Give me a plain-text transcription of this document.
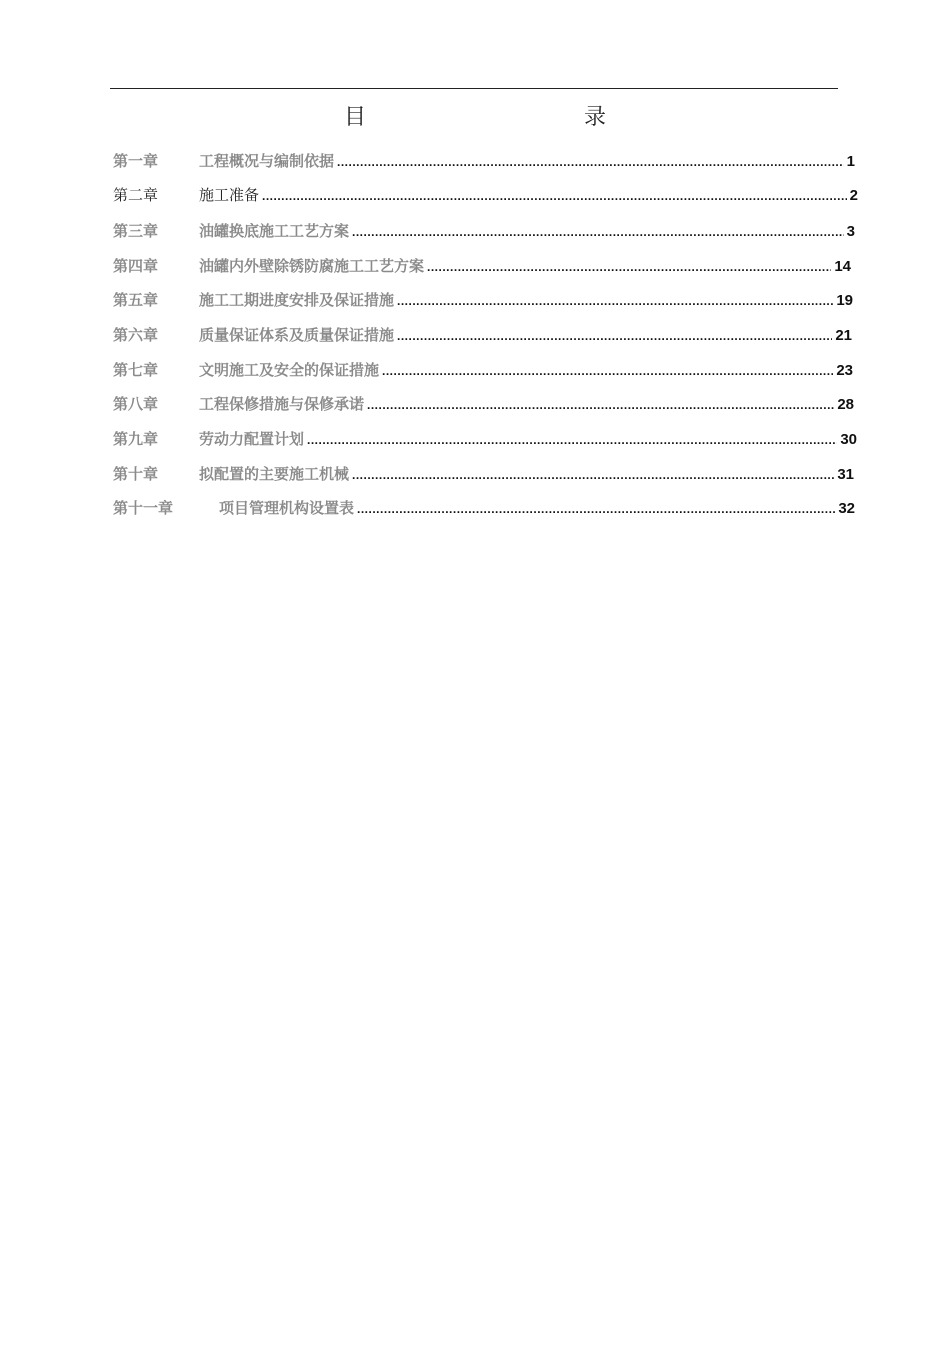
目　　录
第一章	工程概况与编制依据 .....	1
第二章	施工准备 .....	2
第三章	油罐换底施工工艺方案 .....	3
第四章	油罐内外壁除锈防腐施工工艺方案 .....	14
第五章	施工工期进度安排及保证措施 .....	19
第六章	质量保证体系及质量保证措施 .....	21
第七章	文明施工及安全的保证措施 .....	23
第八章	工程保修措施与保修承诺 .....	28
第九章	劳动力配置计划 .....	30
第十章	拟配置的主要施工机械 .....	31
第十一章	项目管理机构设置表 .....	32
